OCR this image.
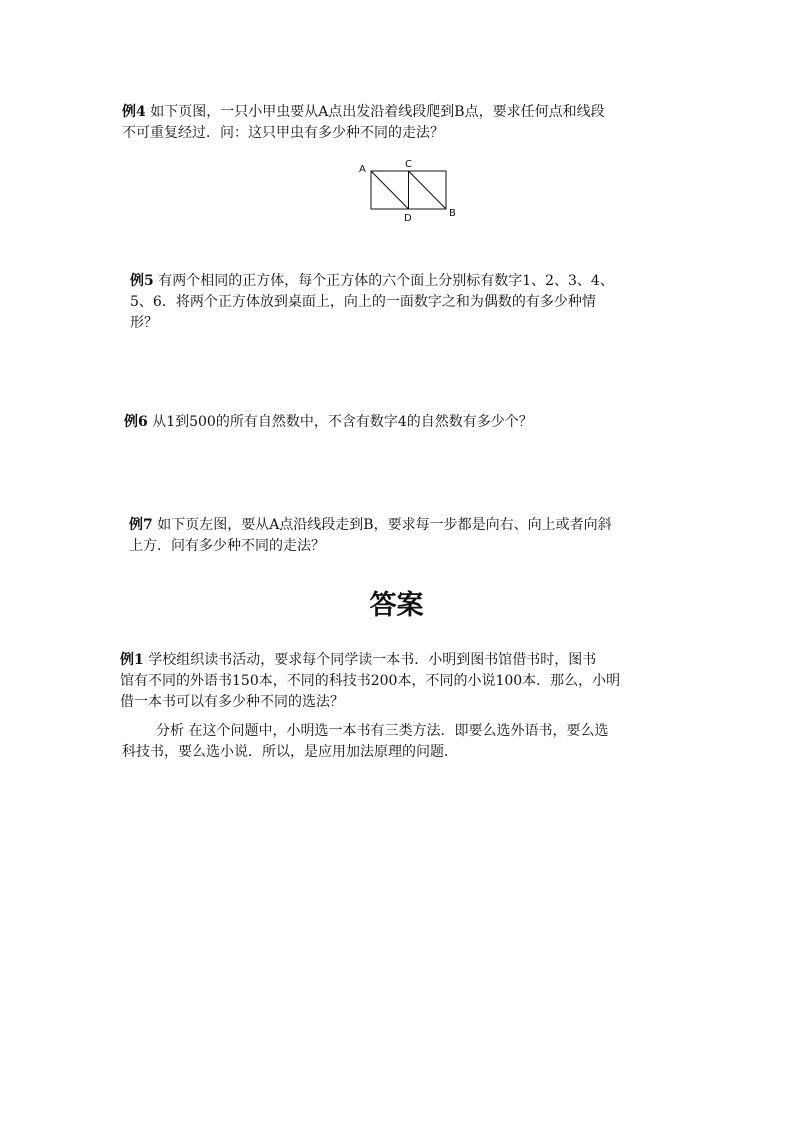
例4 如下页图，一只小甲虫要从A点出发沿着线段爬到B点，要求任何点和线段
不可重复经过．问：这只甲虫有多少种不同的走法？
A	C
D	B
例5 有两个相同的正方体，每个正方体的六个面上分别标有数字1、2、3、4、
5、6．将两个正方体放到桌面上，向上的一面数字之和为偶数的有多少种情
形？
例6 从1到500的所有自然数中，不含有数字4的自然数有多少个？
例7 如下页左图，要从A点沿线段走到B，要求每一步都是向右、向上或者向斜
上方．问有多少种不同的走法？
答案
例1 学校组织读书活动，要求每个同学读一本书．小明到图书馆借书时，图书
馆有不同的外语书150本，不同的科技书200本，不同的小说100本．那么，小明
借一本书可以有多少种不同的选法？
分析 在这个问题中，小明选一本书有三类方法．即要么选外语书，要么选
科技书，要么选小说．所以，是应用加法原理的问题．
